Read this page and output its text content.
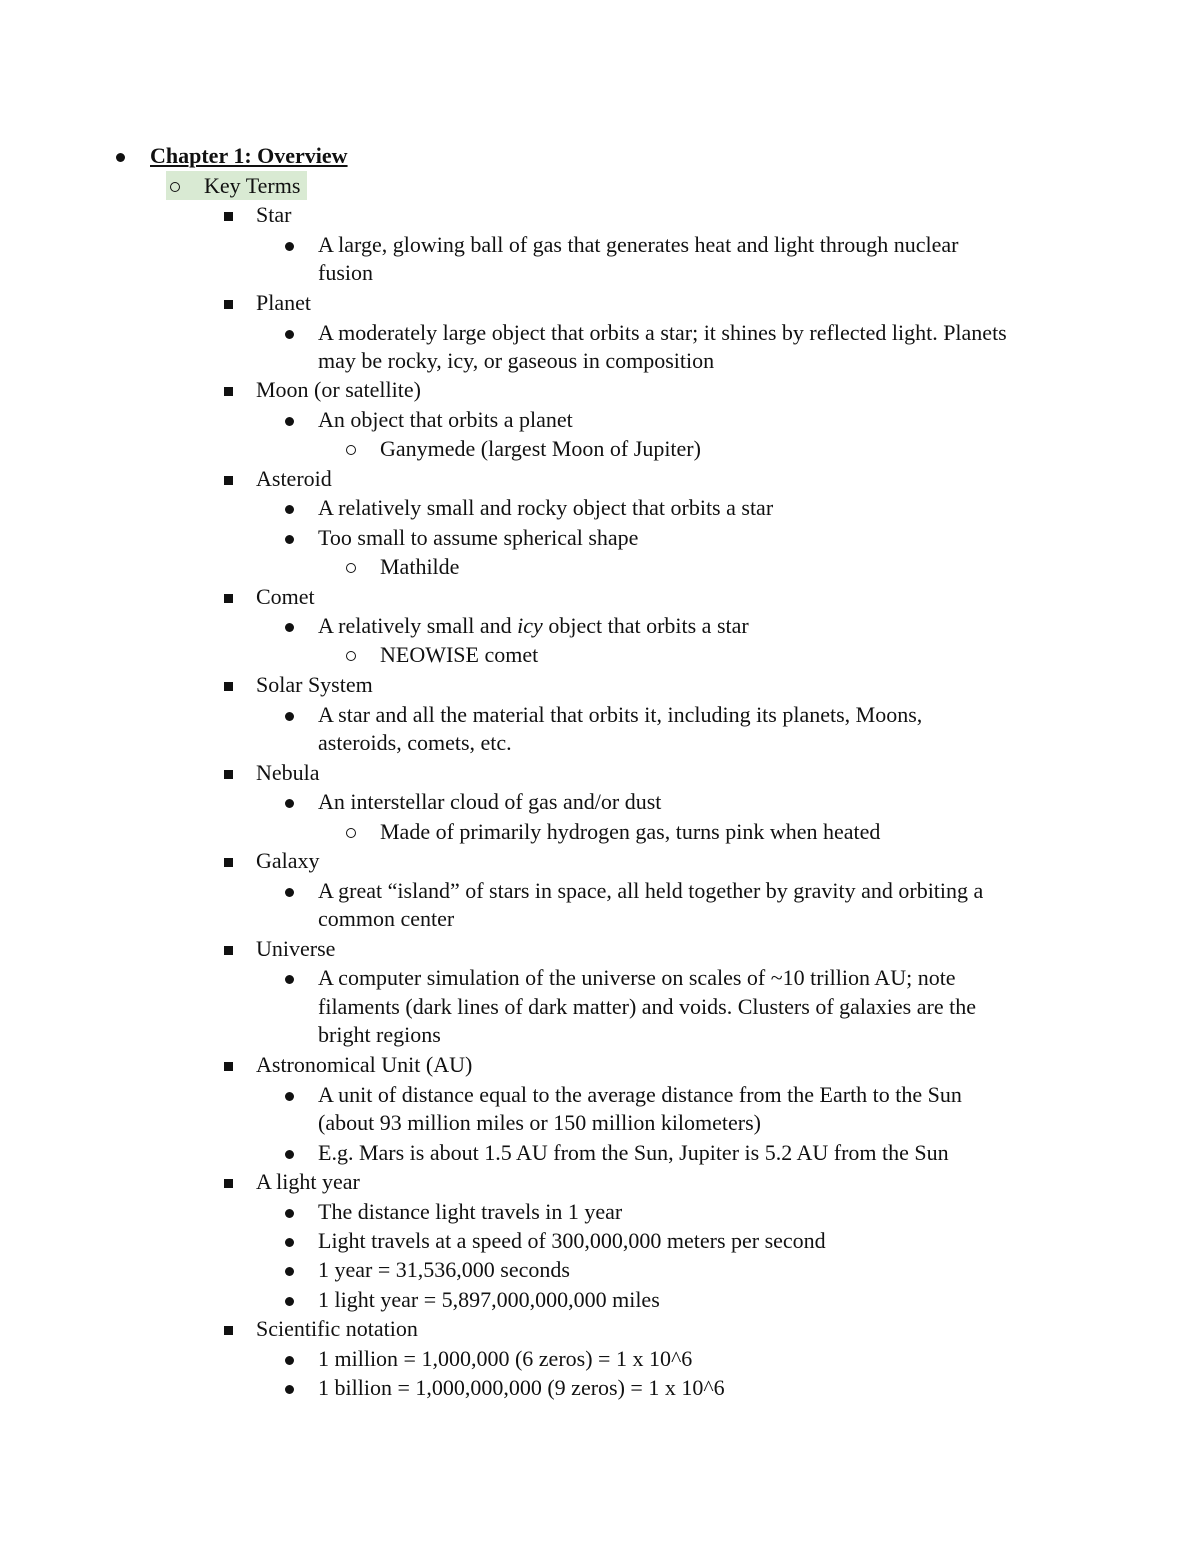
Chapter 1: Overview
Key Terms
Star
A large, glowing ball of gas that generates heat and light through nuclear
fusion
Planet
A moderately large object that orbits a star; it shines by reflected light. Planets
may be rocky, icy, or gaseous in composition
Moon (or satellite)
An object that orbits a planet
Ganymede (largest Moon of Jupiter)
Asteroid
A relatively small and rocky object that orbits a star
Too small to assume spherical shape
Mathilde
Comet
A relatively small and icy object that orbits a star
NEOWISE comet
Solar System
A star and all the material that orbits it, including its planets, Moons,
asteroids, comets, etc.
Nebula
An interstellar cloud of gas and/or dust
Made of primarily hydrogen gas, turns pink when heated
Galaxy
A great “island” of stars in space, all held together by gravity and orbiting a
common center
Universe
A computer simulation of the universe on scales of ~10 trillion AU; note
filaments (dark lines of dark matter) and voids. Clusters of galaxies are the
bright regions
Astronomical Unit (AU)
A unit of distance equal to the average distance from the Earth to the Sun
(about 93 million miles or 150 million kilometers)
E.g. Mars is about 1.5 AU from the Sun, Jupiter is 5.2 AU from the Sun
A light year
The distance light travels in 1 year
Light travels at a speed of 300,000,000 meters per second
1 year = 31,536,000 seconds
1 light year = 5,897,000,000,000 miles
Scientific notation
1 million = 1,000,000 (6 zeros) = 1 x 10^6
1 billion = 1,000,000,000 (9 zeros) = 1 x 10^6
